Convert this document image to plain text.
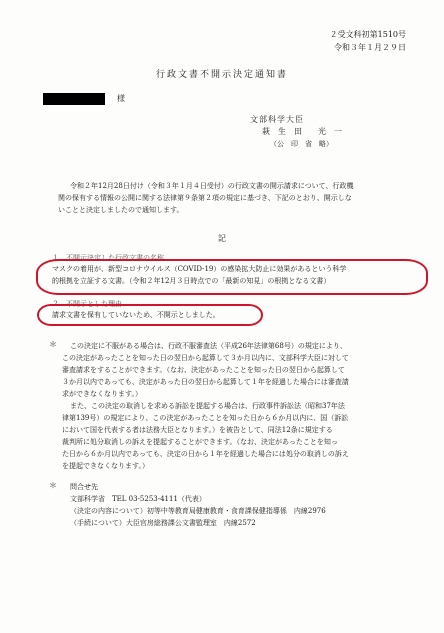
２受文科初第1510号
令和３年１月２９日
行政文書不開示決定通知書
様
文部科学大臣
萩　生　田　　光　一
（公　印　省　略）
令和２年12月28日付け（令和３年１月４日受付）の行政文書の開示請求について、行政機
関の保有する情報の公開に関する法律第９条第２項の規定に基づき、下記のとおり、開示しな
いことと決定しましたので通知します。
記
１　不開示決定した行政文書の名称
マスクの着用が、新型コロナウイルス（COVID-19）の感染拡大防止に効果があるという科学
的根拠を立証する文書。（令和２年12月３日時点での「最新の知見」の根拠となる文書）
２　不開示とした理由
請求文書を保有していないため、不開示としました。
＊ この決定に不服がある場合は、行政不服審査法（平成26年法律第68号）の規定により、
この決定があったことを知った日の翌日から起算して３か月以内に、文部科学大臣に対して
審査請求をすることができます。（なお、決定があったことを知った日の翌日から起算して
３か月以内であっても、決定があった日の翌日から起算して１年を経過した場合には審査請
求ができなくなります。）
また、この決定の取消しを求める訴訟を提起する場合は、行政事件訴訟法（昭和37年法
律第139号）の規定により、この決定があったことを知った日から６か月以内に、国（訴訟
において国を代表する者は法務大臣となります。）を被告として、同法12条に規定する
裁判所に処分取消しの訴えを提起することができます。（なお、決定があったことを知っ
た日から６か月以内であっても、決定の日から１年を経過した場合には処分の取消しの訴え
を提起できなくなります。）
＊ 問合せ先
文部科学省　TEL 03-5253-4111（代表）
（決定の内容について）初等中等教育局健康教育・食育課保健指導係　内線2976
（手続について）大臣官房総務課公文書監理室　内線2572
